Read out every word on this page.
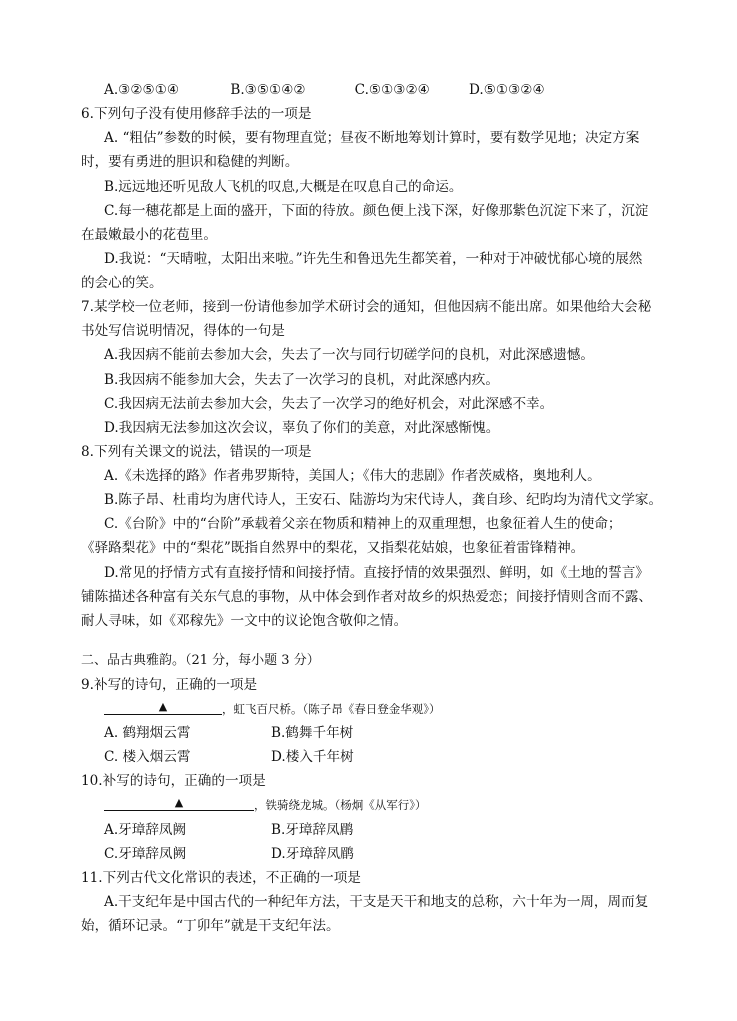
A.③②⑤①④	B.③⑤①④②	C.⑤①③②④	D.⑤①③②④
6.下列句子没有使用修辞手法的一项是
A. “粗估”参数的时候，要有物理直觉；昼夜不断地筹划计算时，要有数学见地；决定方案
时，要有勇进的胆识和稳健的判断。
B.远远地还听见敌人飞机的叹息,大概是在叹息自己的命运。
C.每一穗花都是上面的盛开，下面的待放。颜色便上浅下深，好像那紫色沉淀下来了，沉淀
在最嫩最小的花苞里。
D.我说：“天晴啦，太阳出来啦。”许先生和鲁迅先生都笑着，一种对于冲破忧郁心境的展然
的会心的笑。
7.某学校一位老师，接到一份请他参加学术研讨会的通知，但他因病不能出席。如果他给大会秘
书处写信说明情况，得体的一句是
A.我因病不能前去参加大会，失去了一次与同行切磋学问的良机，对此深感遗憾。
B.我因病不能参加大会，失去了一次学习的良机，对此深感内疚。
C.我因病无法前去参加大会，失去了一次学习的绝好机会，对此深感不幸。
D.我因病无法参加这次会议，辜负了你们的美意，对此深感惭愧。
8.下列有关课文的说法，错误的一项是
A.《未选择的路》作者弗罗斯特，美国人；《伟大的悲剧》作者茨威格，奥地利人。
B.陈子昂、杜甫均为唐代诗人，王安石、陆游均为宋代诗人，龚自珍、纪昀均为清代文学家。
C.《台阶》中的“台阶”承载着父亲在物质和精神上的双重理想，也象征着人生的使命；
《驿路梨花》中的“梨花”既指自然界中的梨花，又指梨花姑娘，也象征着雷锋精神。
D.常见的抒情方式有直接抒情和间接抒情。直接抒情的效果强烈、鲜明，如《土地的誓言》
铺陈描述各种富有关东气息的事物，从中体会到作者对故乡的炽热爱恋；间接抒情则含而不露、
耐人寻味，如《邓稼先》一文中的议论饱含敬仰之情。
二、品古典雅韵。（21 分，每小题 3 分）
9.补写的诗句，正确的一项是
▲	，虹飞百尺桥。（陈子昂《春日登金华观》）
A. 鹤翔烟云霄	B.鹤舞千年树
C. 楼入烟云霄	D.楼入千年树
10.补写的诗句，正确的一项是
▲	，铁骑绕龙城。（杨炯《从军行》）
A.牙璋辞凤阙	B.牙璋辞凤鹛
C.牙璋辞凤阙	D.牙璋辞凤鹛
11.下列古代文化常识的表述，不正确的一项是
A.干支纪年是中国古代的一种纪年方法，干支是天干和地支的总称，六十年为一周，周而复
始，循环记录。“丁卯年”就是干支纪年法。
